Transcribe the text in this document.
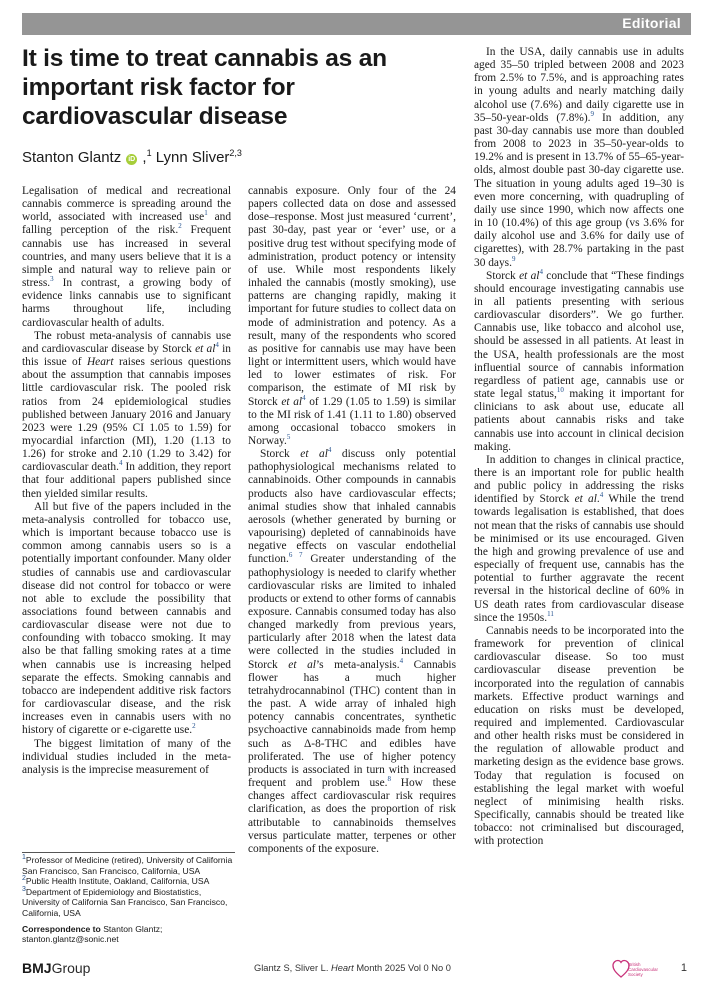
Editorial
It is time to treat cannabis as an important risk factor for cardiovascular disease
Stanton Glantz iD ,$^1$ Lynn Sliver$^{2,3}$

Legalisation of medical and recreational cannabis commerce is spreading around the world, associated with increased use$^1$ and falling perception of the risk.$^2$ Frequent cannabis use has increased in several countries, and many users believe that it is a simple and natural way to relieve pain or stress.$^3$ In contrast, a growing body of evidence links cannabis use to significant harms throughout life, including cardiovascular health of adults.

The robust meta-analysis of cannabis use and cardiovascular disease by Storck et $al^4$ in this issue of Heart raises serious questions about the assumption that cannabis imposes little cardiovascular risk. The pooled risk ratios from 24 epidemiological studies published between January 2016 and January 2023 were 1.29 (95% CI 1.05 to 1.59) for myocardial infarction (MI), 1.20 (1.13 to 1.26) for stroke and 2.10 (1.29 to 3.42) for cardiovascular death.$^4$ In addition, they report that four additional papers published since then yielded similar results.

All but five of the papers included in the meta-analysis controlled for tobacco use, which is important because tobacco use is common among cannabis users so is a potentially important confounder. Many older studies of cannabis use and cardiovascular disease did not control for tobacco or were not able to exclude the possibility that associations found between cannabis and cardiovascular disease were not due to confounding with tobacco smoking. It may also be that falling smoking rates at a time when cannabis use is increasing helped separate the effects. Smoking cannabis and tobacco are independent additive risk factors for cardiovascular disease, and the risk increases even in cannabis users with no history of cigarette or e-cigarette use.$^2$

The biggest limitation of many of the individual studies included in the meta-analysis is the imprecise measurement of

cannabis exposure. Only four of the 24 papers collected data on dose and assessed dose–response. Most just measured ‘current’, past 30-day, past year or ‘ever’ use, or a positive drug test without specifying mode of administration, product potency or intensity of use. While most respondents likely inhaled the cannabis (mostly smoking), use patterns are changing rapidly, making it important for future studies to collect data on mode of administration and potency. As a result, many of the respondents who scored as positive for cannabis use may have been light or intermittent users, which would have led to lower estimates of risk. For comparison, the estimate of MI risk by Storck et $al^4$ of 1.29 (1.05 to 1.59) is similar to the MI risk of 1.41 (1.11 to 1.80) observed among occasional tobacco smokers in Norway.$^5$

Storck et $al^4$ discuss only potential pathophysiological mechanisms related to cannabinoids. Other compounds in cannabis products also have cardiovascular effects; animal studies show that inhaled cannabis aerosols (whether generated by burning or vapourising) depleted of cannabinoids have negative effects on vascular endothelial function.$^{6 7}$ Greater understanding of the pathophysiology is needed to clarify whether cardiovascular risks are limited to inhaled products or extend to other forms of cannabis exposure. Cannabis consumed today has also changed markedly from previous years, particularly after 2018 when the latest data were collected in the studies included in Storck et al’s meta-analysis.$^4$ Cannabis flower has a much higher tetrahydrocannabinol (THC) content than in the past. A wide array of inhaled high potency cannabis concentrates, synthetic psychoactive cannabinoids made from hemp such as Δ-8-THC and edibles have proliferated. The use of higher potency products is associated in turn with increased frequent and problem use.$^8$ How these changes affect cardiovascular risk requires clarification, as does the proportion of risk attributable to cannabinoids themselves versus particulate matter, terpenes or other components of the exposure.

In the USA, daily cannabis use in adults aged 35–50 tripled between 2008 and 2023 from 2.5% to 7.5%, and is approaching rates in young adults and nearly matching daily alcohol use (7.6%) and daily cigarette use in 35–50-year-olds (7.8%).$^9$ In addition, any past 30-day cannabis use more than doubled from 2008 to 2023 in 35–50-year-olds to 19.2% and is present in 13.7% of 55–65-year-olds, almost double past 30-day cigarette use. The situation in young adults aged 19–30 is even more concerning, with quadrupling of daily use since 1990, which now affects one in 10 (10.4%) of this age group (vs 3.6% for daily alcohol use and 3.6% for daily use of cigarettes), with 28.7% partaking in the past 30 days.$^9$

Storck et $al^4$ conclude that “These findings should encourage investigating cannabis use in all patients presenting with serious cardiovascular disorders”. We go further. Cannabis use, like tobacco and alcohol use, should be assessed in all patients. At least in the USA, health professionals are the most influential source of cannabis information regardless of patient age, cannabis use or state legal status,$^{10}$ making it important for clinicians to ask about use, educate all patients about cannabis risks and take cannabis use into account in clinical decision making.

In addition to changes in clinical practice, there is an important role for public health and public policy in addressing the risks identified by Storck et al.$^4$ While the trend towards legalisation is established, that does not mean that the risks of cannabis use should be minimised or its use encouraged. Given the high and growing prevalence of use and especially of frequent use, cannabis has the potential to further aggravate the recent reversal in the historical decline of 60% in US death rates from cardiovascular disease since the 1950s.$^{11}$

Cannabis needs to be incorporated into the framework for prevention of clinical cardiovascular disease. So too must cardiovascular disease prevention be incorporated into the regulation of cannabis markets. Effective product warnings and education on risks must be developed, required and implemented. Cardiovascular and other health risks must be considered in the regulation of allowable product and marketing design as the evidence base grows. Today that regulation is focused on establishing the legal market with woeful neglect of minimising health risks. Specifically, cannabis should be treated like tobacco: not criminalised but discouraged, with protection

$^1$Professor of Medicine (retired), University of California San Francisco, San Francisco, California, USA

$^2$Public Health Institute, Oakland, California, USA

$^3$Department of Epidemiology and Biostatistics, University of California San Francisco, San Francisco, California, USA

Correspondence to Stanton Glantz; stanton.glantz@sonic.net

BMJGroup	Glantz S, Sliver L. Heart Month 2025 Vol 0 No 0	British Cardiovascular Society
1
